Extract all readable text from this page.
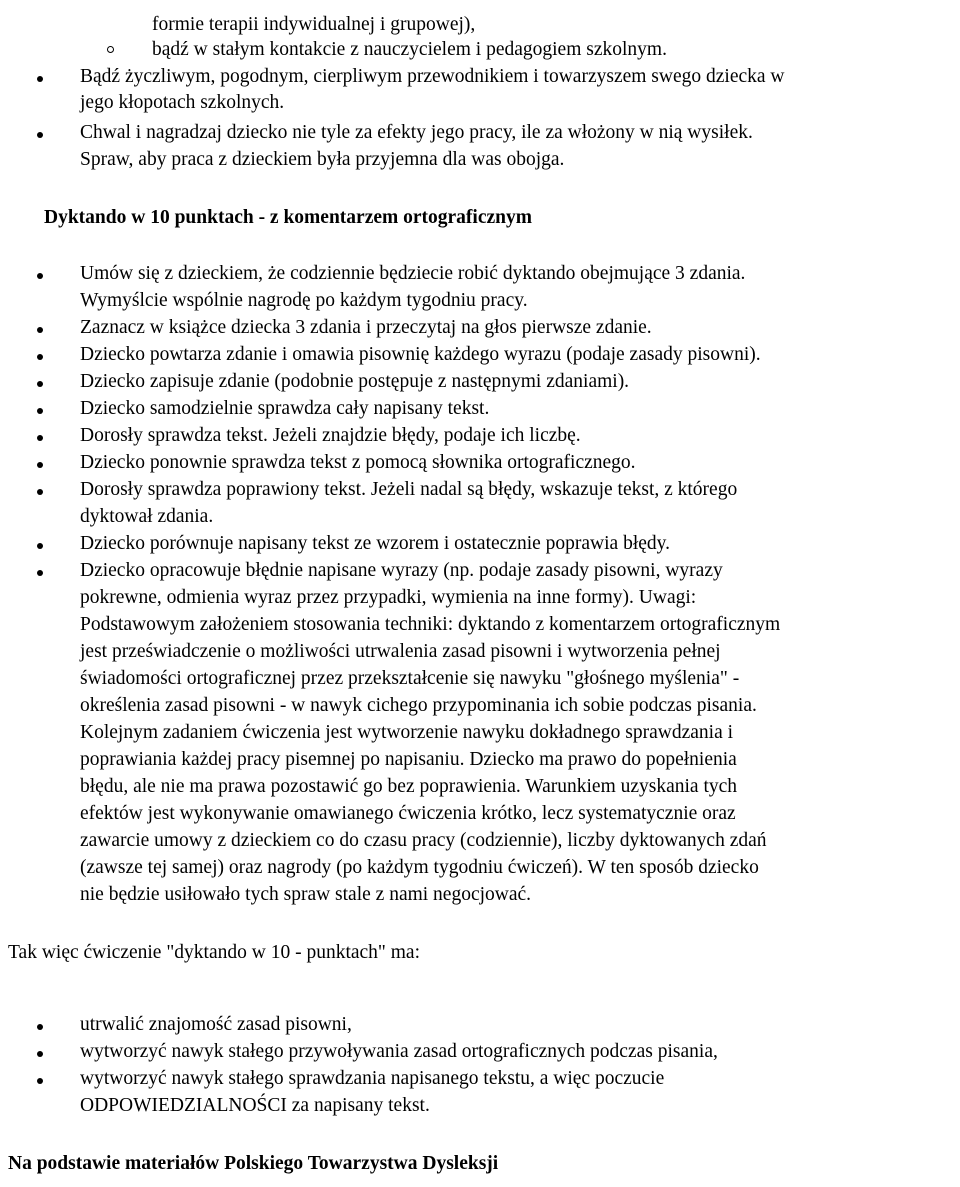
formie terapii indywidualnej i grupowej),
bądź w stałym kontakcie z nauczycielem i pedagogiem szkolnym.
Bądź życzliwym, pogodnym, cierpliwym przewodnikiem i towarzyszem swego dziecka w
jego kłopotach szkolnych.
Chwal i nagradzaj dziecko nie tyle za efekty jego pracy, ile za włożony w nią wysiłek.
Spraw, aby praca z dzieckiem była przyjemna dla was obojga.
Dyktando w 10 punktach - z komentarzem ortograficznym
Umów się z dzieckiem, że codziennie będziecie robić dyktando obejmujące 3 zdania.
Wymyślcie wspólnie nagrodę po każdym tygodniu pracy.
Zaznacz w książce dziecka 3 zdania i przeczytaj na głos pierwsze zdanie.
Dziecko powtarza zdanie i omawia pisownię każdego wyrazu (podaje zasady pisowni).
Dziecko zapisuje zdanie (podobnie postępuje z następnymi zdaniami).
Dziecko samodzielnie sprawdza cały napisany tekst.
Dorosły sprawdza tekst. Jeżeli znajdzie błędy, podaje ich liczbę.
Dziecko ponownie sprawdza tekst z pomocą słownika ortograficznego.
Dorosły sprawdza poprawiony tekst. Jeżeli nadal są błędy, wskazuje tekst, z którego
dyktował zdania.
Dziecko porównuje napisany tekst ze wzorem i ostatecznie poprawia błędy.
Dziecko opracowuje błędnie napisane wyrazy (np. podaje zasady pisowni, wyrazy
pokrewne, odmienia wyraz przez przypadki, wymienia na inne formy). Uwagi:
Podstawowym założeniem stosowania techniki: dyktando z komentarzem ortograficznym
jest przeświadczenie o możliwości utrwalenia zasad pisowni i wytworzenia pełnej
świadomości ortograficznej przez przekształcenie się nawyku "głośnego myślenia" -
określenia zasad pisowni - w nawyk cichego przypominania ich sobie podczas pisania.
Kolejnym zadaniem ćwiczenia jest wytworzenie nawyku dokładnego sprawdzania i
poprawiania każdej pracy pisemnej po napisaniu. Dziecko ma prawo do popełnienia
błędu, ale nie ma prawa pozostawić go bez poprawienia. Warunkiem uzyskania tych
efektów jest wykonywanie omawianego ćwiczenia krótko, lecz systematycznie oraz
zawarcie umowy z dzieckiem co do czasu pracy (codziennie), liczby dyktowanych zdań
(zawsze tej samej) oraz nagrody (po każdym tygodniu ćwiczeń). W ten sposób dziecko
nie będzie usiłowało tych spraw stale z nami negocjować.
Tak więc ćwiczenie "dyktando w 10 - punktach" ma:
utrwalić znajomość zasad pisowni,
wytworzyć nawyk stałego przywoływania zasad ortograficznych podczas pisania,
wytworzyć nawyk stałego sprawdzania napisanego tekstu, a więc poczucie
ODPOWIEDZIALNOŚCI za napisany tekst.
Na podstawie materiałów Polskiego Towarzystwa Dysleksji
